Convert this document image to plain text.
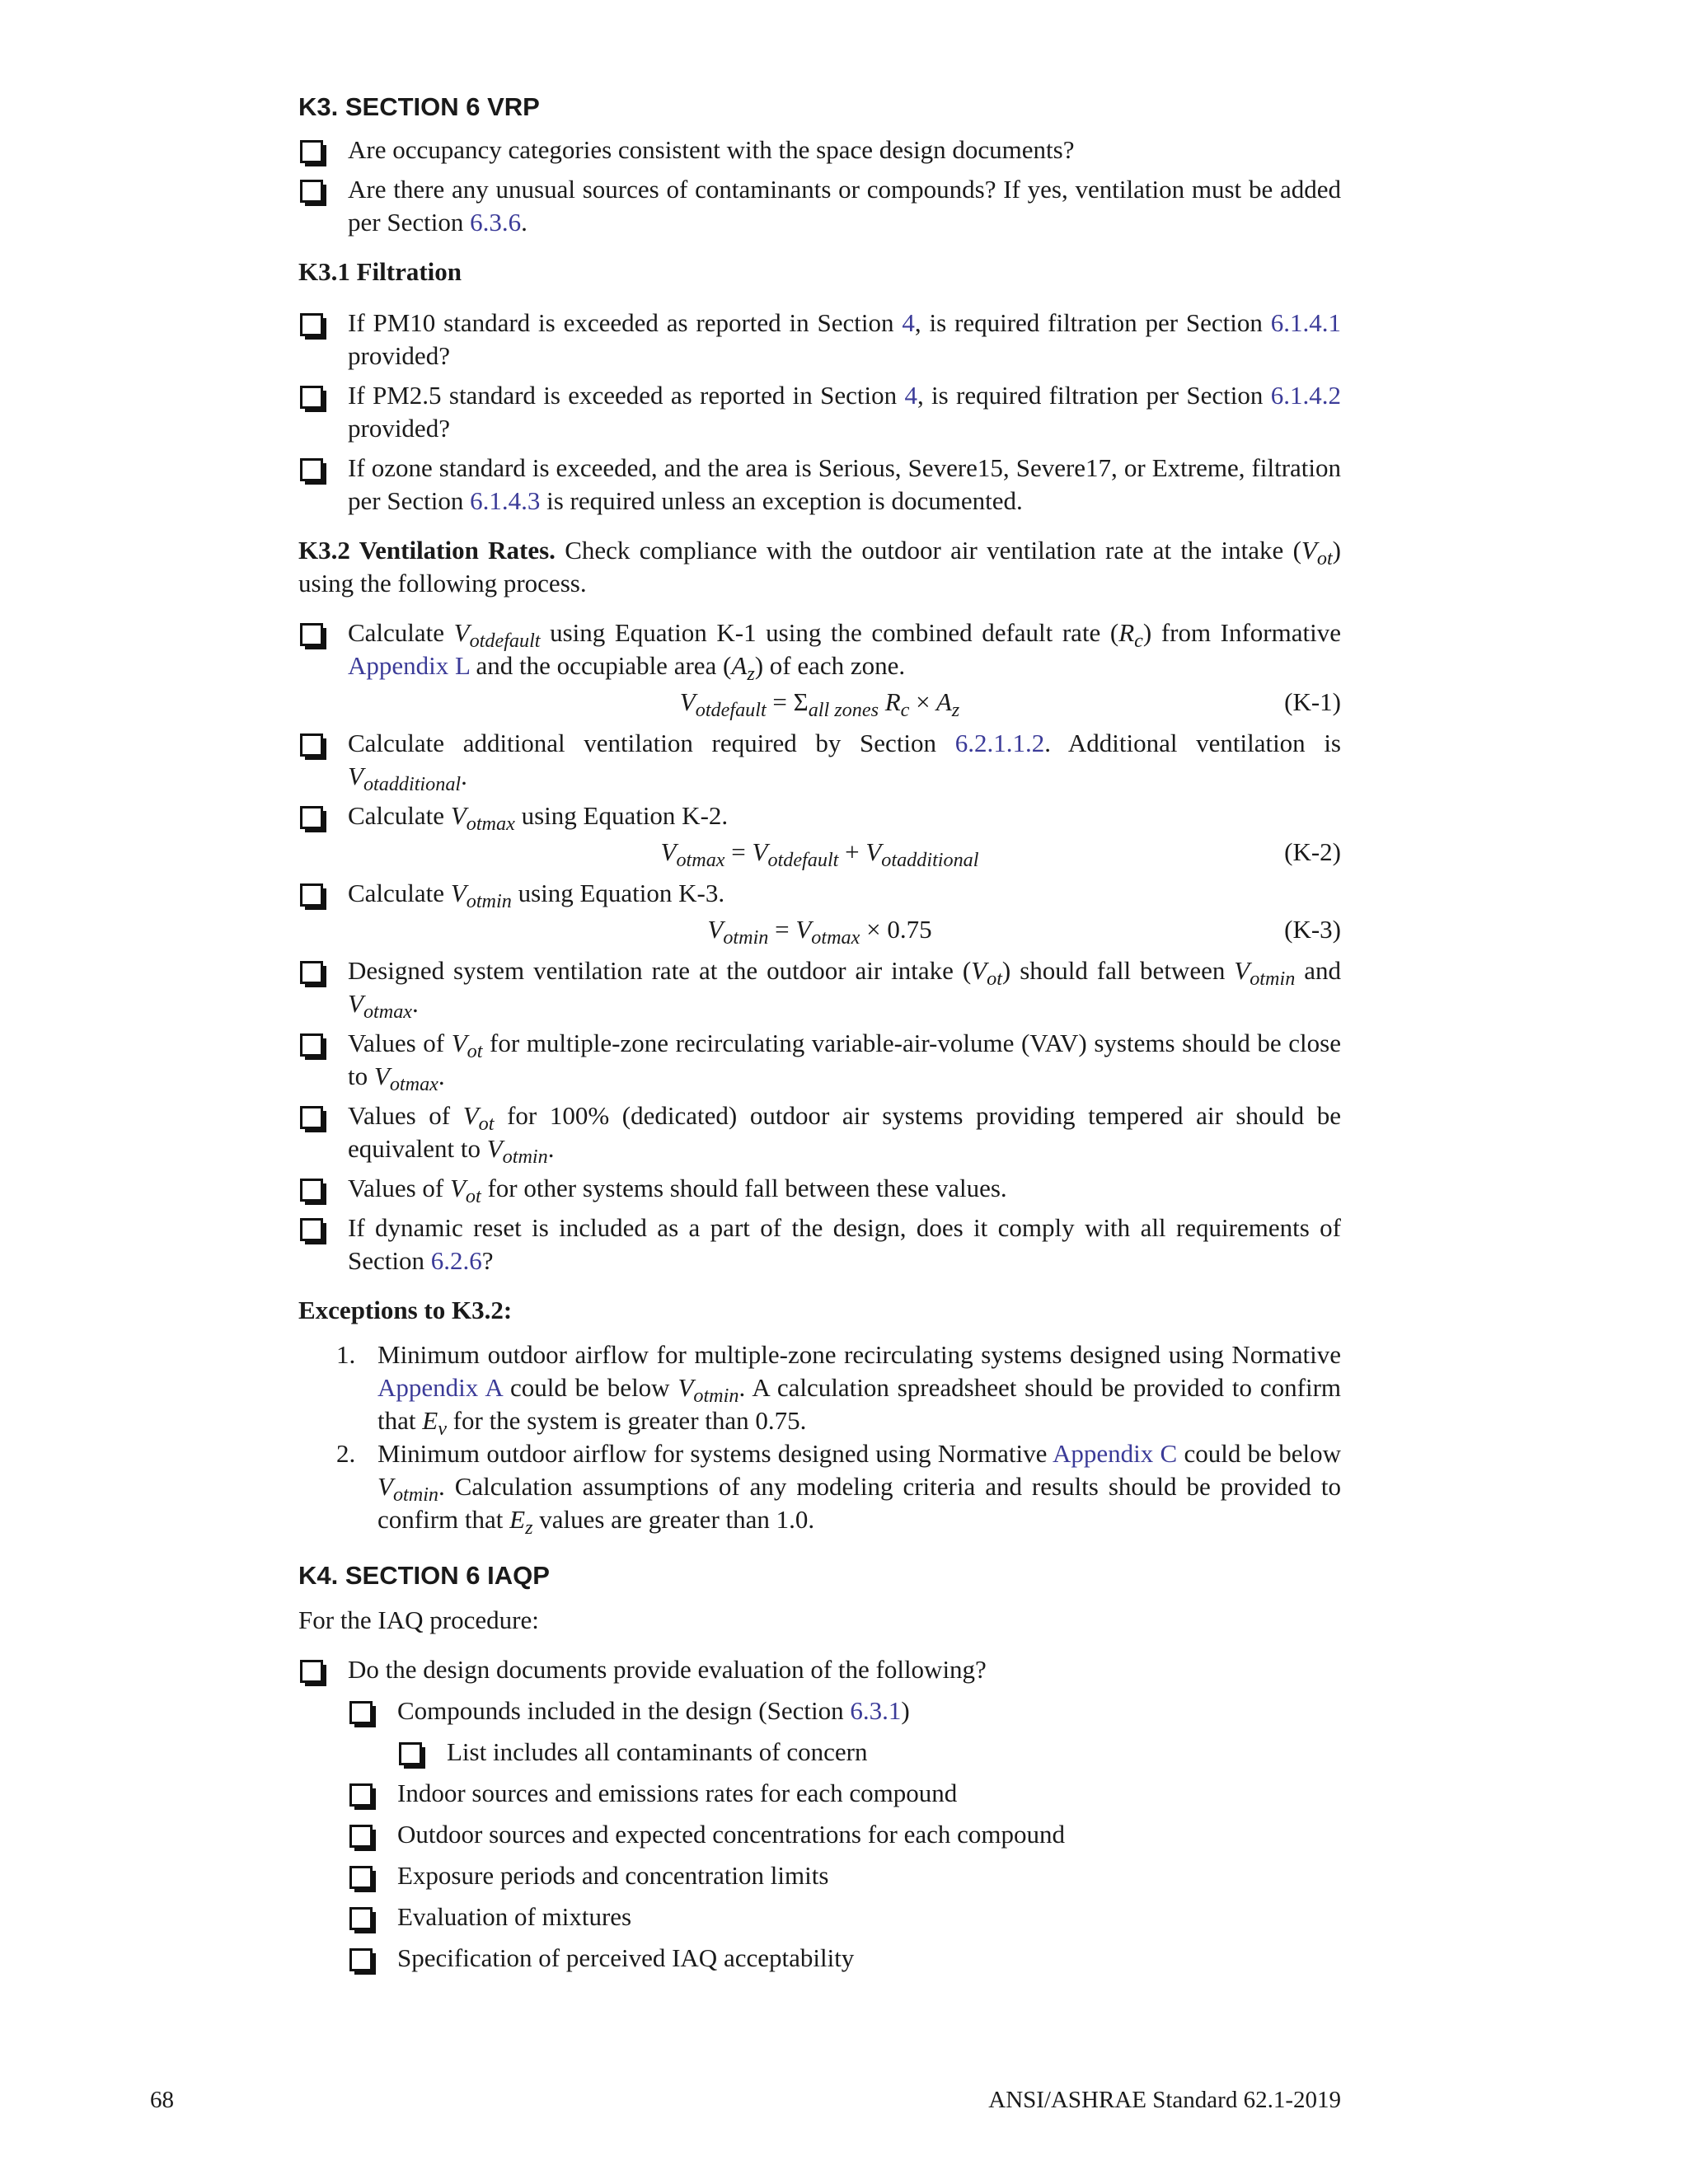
K3. SECTION 6 VRP
Are occupancy categories consistent with the space design documents?
Are there any unusual sources of contaminants or compounds? If yes, ventilation must be added per Section 6.3.6.
K3.1 Filtration
If PM10 standard is exceeded as reported in Section 4, is required filtration per Section 6.1.4.1 provided?
If PM2.5 standard is exceeded as reported in Section 4, is required filtration per Section 6.1.4.2 provided?
If ozone standard is exceeded, and the area is Serious, Severe15, Severe17, or Extreme, filtration per Section 6.1.4.3 is required unless an exception is documented.
K3.2 Ventilation Rates. Check compliance with the outdoor air ventilation rate at the intake $(V_{ot})$ using the following process.
Calculate $V_{otdefault}$ using Equation K-1 using the combined default rate $(R_c)$ from Informative Appendix L and the occupiable area $(A_z)$ of each zone.
$V_{otdefault} = \Sigma_{all zones}$ $R_c \times A_z$	(K-1)
Calculate additional ventilation required by Section 6.2.1.1.2. Additional ventilation is $V_{otadditional}$.
Calculate $V_{otmax}$ using Equation K-2.
$V_{otmax} = V_{otdefault} + V_{otadditional}$	(K-2)
Calculate $V_{otmin}$ using Equation K-3.
$V_{otmin} = V_{otmax} \times 0.75$	(K-3)
Designed system ventilation rate at the outdoor air intake $(V_{ot})$ should fall between $V_{otmin}$ and $V_{otmax}$.
Values of $V_{ot}$ for multiple-zone recirculating variable-air-volume (VAV) systems should be close to $V_{otmax}$.
Values of $V_{ot}$ for 100% (dedicated) outdoor air systems providing tempered air should be equivalent to $V_{otmin}$.
Values of $V_{ot}$ for other systems should fall between these values.
If dynamic reset is included as a part of the design, does it comply with all requirements of Section 6.2.6?
Exceptions to K3.2:
1. Minimum outdoor airflow for multiple-zone recirculating systems designed using Normative Appendix A could be below $V_{otmin}$. A calculation spreadsheet should be provided to confirm that $E_v$ for the system is greater than 0.75.
2. Minimum outdoor airflow for systems designed using Normative Appendix C could be below $V_{otmin}$. Calculation assumptions of any modeling criteria and results should be provided to confirm that $E_z$ values are greater than 1.0.
K4. SECTION 6 IAQP
For the IAQ procedure:
Do the design documents provide evaluation of the following?
Compounds included in the design (Section 6.3.1)
List includes all contaminants of concern
Indoor sources and emissions rates for each compound
Outdoor sources and expected concentrations for each compound
Exposure periods and concentration limits
Evaluation of mixtures
Specification of perceived IAQ acceptability
68	ANSI/ASHRAE Standard 62.1-2019
